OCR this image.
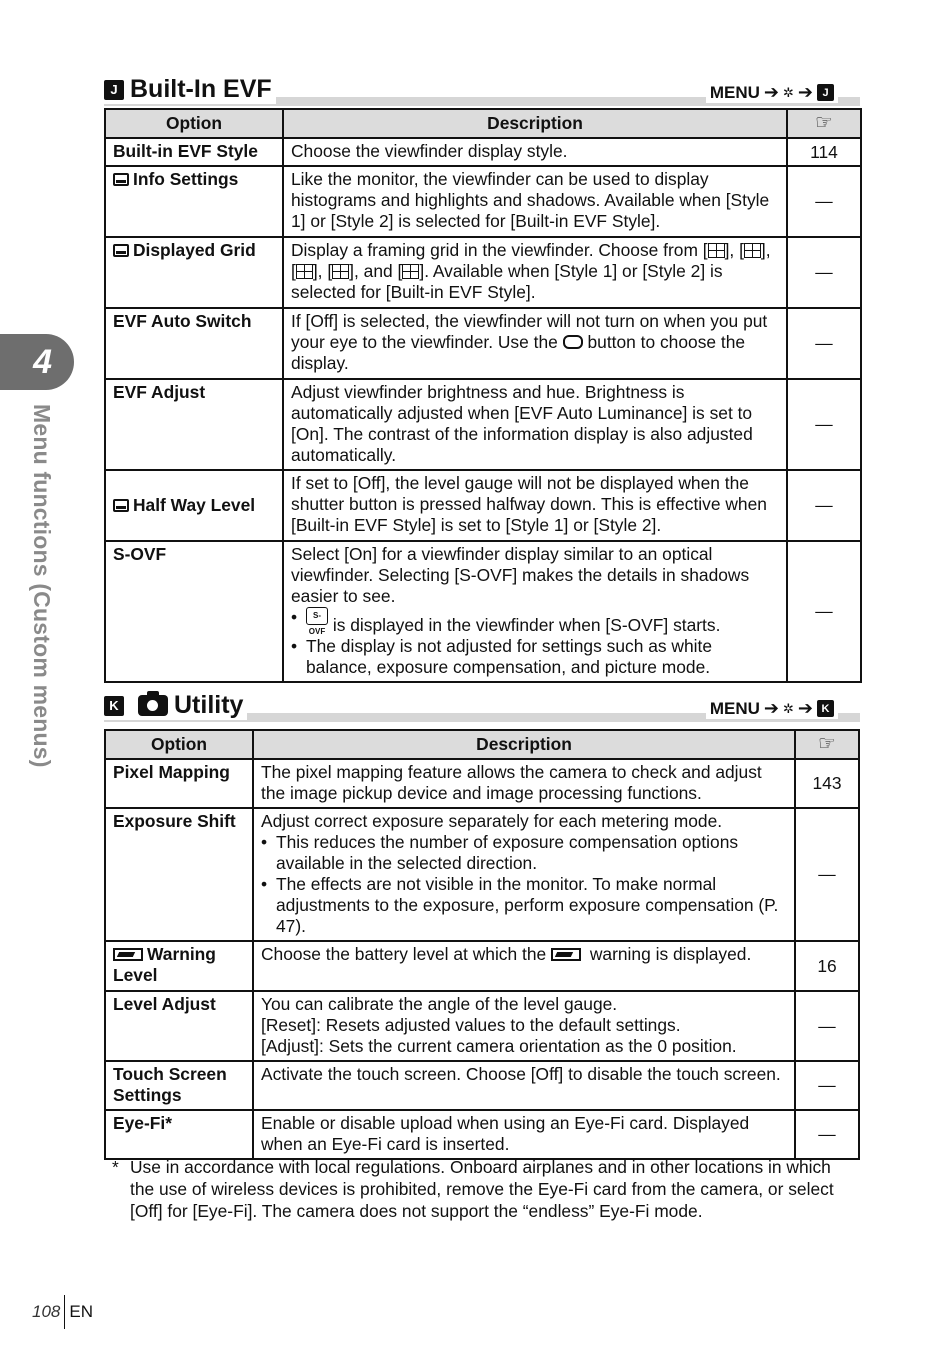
4
Menu functions (Custom menus)
J Built-In EVF	MENU ➔ ✲ ➔ J
Option	Description	☞
Built-in EVF Style	Choose the viewfinder display style.	114
Info Settings	Like the monitor, the viewfinder can be used to display histograms and highlights and shadows. Available when [Style 1] or [Style 2] is selected for [Built-in EVF Style].	—
Displayed Grid	Display a framing grid in the viewfinder. Choose from [ ], [ ], [ ], [ ], and [ ]. Available when [Style 1] or [Style 2] is selected for [Built-in EVF Style].	—
EVF Auto Switch	If [Off] is selected, the viewfinder will not turn on when you put your eye to the viewfinder. Use the  button to choose the display.	—
EVF Adjust	Adjust viewfinder brightness and hue. Brightness is automatically adjusted when [EVF Auto Luminance] is set to [On]. The contrast of the information display is also adjusted automatically.	—
Half Way Level	If set to [Off], the level gauge will not be displayed when the shutter button is pressed halfway down. This is effective when [Built-in EVF Style] is set to [Style 1] or [Style 2].	—
S-OVF	Select [On] for a viewfinder display similar to an optical viewfinder. Selecting [S-OVF] makes the details in shadows easier to see.
• S-OVF is displayed in the viewfinder when [S-OVF] starts.
• The display is not adjusted for settings such as white balance, exposure compensation, and picture mode.	—
K Utility	MENU ➔ ✲ ➔ K
Option	Description	☞
Pixel Mapping	The pixel mapping feature allows the camera to check and adjust the image pickup device and image processing functions.	143
Exposure Shift	Adjust correct exposure separately for each metering mode.
• This reduces the number of exposure compensation options available in the selected direction.
• The effects are not visible in the monitor. To make normal adjustments to the exposure, perform exposure compensation (P. 47).	—
Warning Level	Choose the battery level at which the  warning is displayed.	16
Level Adjust	You can calibrate the angle of the level gauge.
[Reset]: Resets adjusted values to the default settings.
[Adjust]: Sets the current camera orientation as the 0 position.	—
Touch Screen Settings	Activate the touch screen. Choose [Off] to disable the touch screen.	—
Eye-Fi*	Enable or disable upload when using an Eye-Fi card. Displayed when an Eye-Fi card is inserted.	—
* Use in accordance with local regulations. Onboard airplanes and in other locations in which the use of wireless devices is prohibited, remove the Eye-Fi card from the camera, or select [Off] for [Eye-Fi]. The camera does not support the “endless” Eye-Fi mode.
108 EN
